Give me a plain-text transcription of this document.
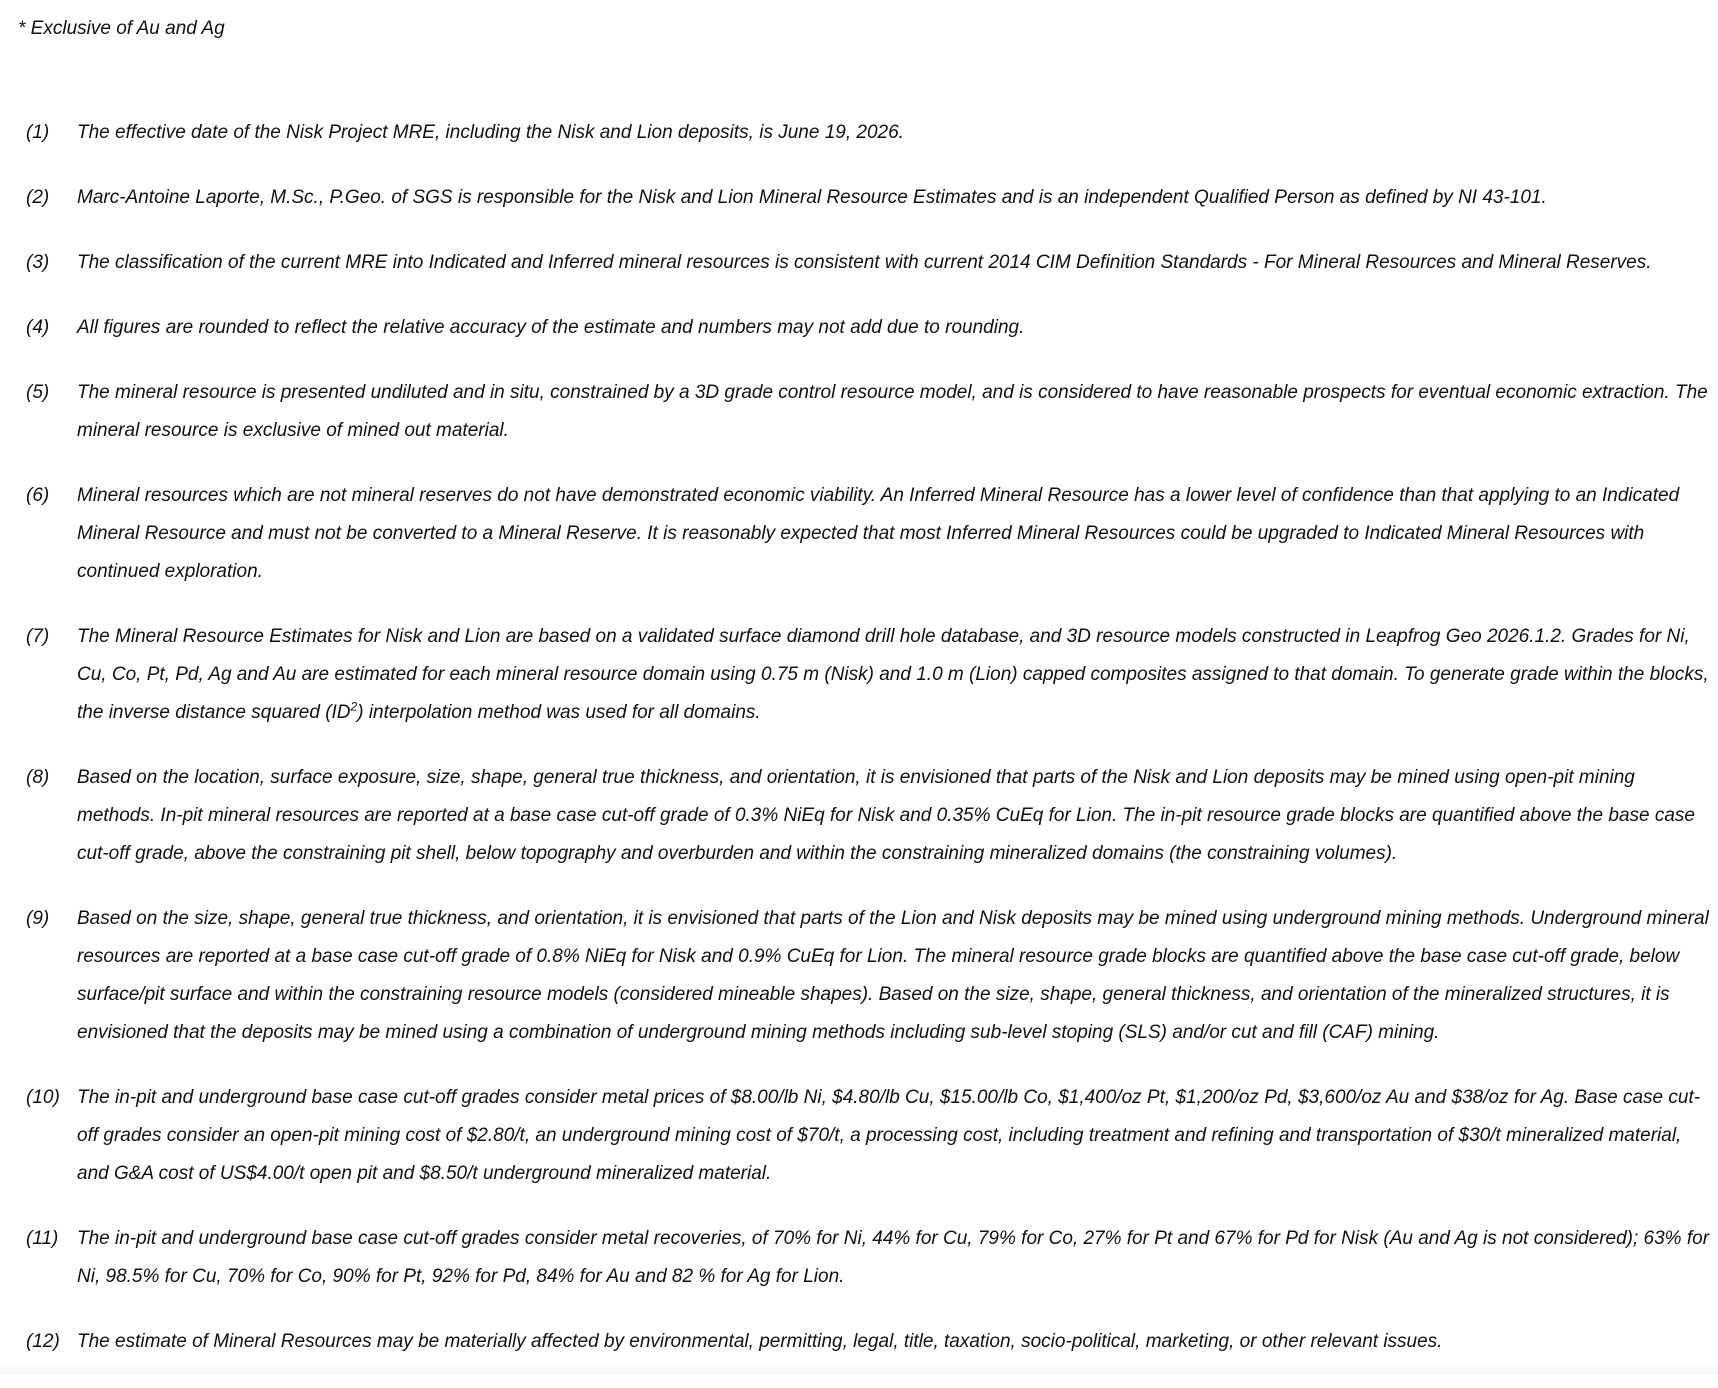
* Exclusive of Au and Ag
(1)	The effective date of the Nisk Project MRE, including the Nisk and Lion deposits, is June 19, 2026.
(2)	Marc-Antoine Laporte, M.Sc., P.Geo. of SGS is responsible for the Nisk and Lion Mineral Resource Estimates and is an independent Qualified Person as defined by NI 43-101.
(3)	The classification of the current MRE into Indicated and Inferred mineral resources is consistent with current 2014 CIM Definition Standards - For Mineral Resources and Mineral Reserves.
(4)	All figures are rounded to reflect the relative accuracy of the estimate and numbers may not add due to rounding.
(5)	The mineral resource is presented undiluted and in situ, constrained by a 3D grade control resource model, and is considered to have reasonable prospects for eventual economic extraction. The mineral resource is exclusive of mined out material.
(6)	Mineral resources which are not mineral reserves do not have demonstrated economic viability. An Inferred Mineral Resource has a lower level of confidence than that applying to an Indicated Mineral Resource and must not be converted to a Mineral Reserve. It is reasonably expected that most Inferred Mineral Resources could be upgraded to Indicated Mineral Resources with continued exploration.
(7)	The Mineral Resource Estimates for Nisk and Lion are based on a validated surface diamond drill hole database, and 3D resource models constructed in Leapfrog Geo 2026.1.2. Grades for Ni, Cu, Co, Pt, Pd, Ag and Au are estimated for each mineral resource domain using 0.75 m (Nisk) and 1.0 m (Lion) capped composites assigned to that domain. To generate grade within the blocks, the inverse distance squared $(ID^2)$ interpolation method was used for all domains.
(8)	Based on the location, surface exposure, size, shape, general true thickness, and orientation, it is envisioned that parts of the Nisk and Lion deposits may be mined using open-pit mining methods. In-pit mineral resources are reported at a base case cut-off grade of 0.3% NiEq for Nisk and 0.35% CuEq for Lion. The in-pit resource grade blocks are quantified above the base case cut-off grade, above the constraining pit shell, below topography and overburden and within the constraining mineralized domains (the constraining volumes).
(9)	Based on the size, shape, general true thickness, and orientation, it is envisioned that parts of the Lion and Nisk deposits may be mined using underground mining methods. Underground mineral resources are reported at a base case cut-off grade of 0.8% NiEq for Nisk and 0.9% CuEq for Lion. The mineral resource grade blocks are quantified above the base case cut-off grade, below surface/pit surface and within the constraining resource models (considered mineable shapes). Based on the size, shape, general thickness, and orientation of the mineralized structures, it is envisioned that the deposits may be mined using a combination of underground mining methods including sub-level stoping (SLS) and/or cut and fill (CAF) mining.
(10) The in-pit and underground base case cut-off grades consider metal prices of $8.00/lb Ni, $4.80/lb Cu, $15.00/lb Co, $1,400/oz Pt, $1,200/oz Pd, $3,600/oz Au and $38/oz for Ag. Base case cut-off grades consider an open-pit mining cost of $2.80/t, an underground mining cost of $70/t, a processing cost, including treatment and refining and transportation of $30/t mineralized material, and G&A cost of US$4.00/t open pit and $8.50/t underground mineralized material.
(11) The in-pit and underground base case cut-off grades consider metal recoveries, of 70% for Ni, 44% for Cu, 79% for Co, 27% for Pt and 67% for Pd for Nisk (Au and Ag is not considered); 63% for Ni, 98.5% for Cu, 70% for Co, 90% for Pt, 92% for Pd, 84% for Au and 82 % for Ag for Lion.
(12) The estimate of Mineral Resources may be materially affected by environmental, permitting, legal, title, taxation, socio-political, marketing, or other relevant issues.
